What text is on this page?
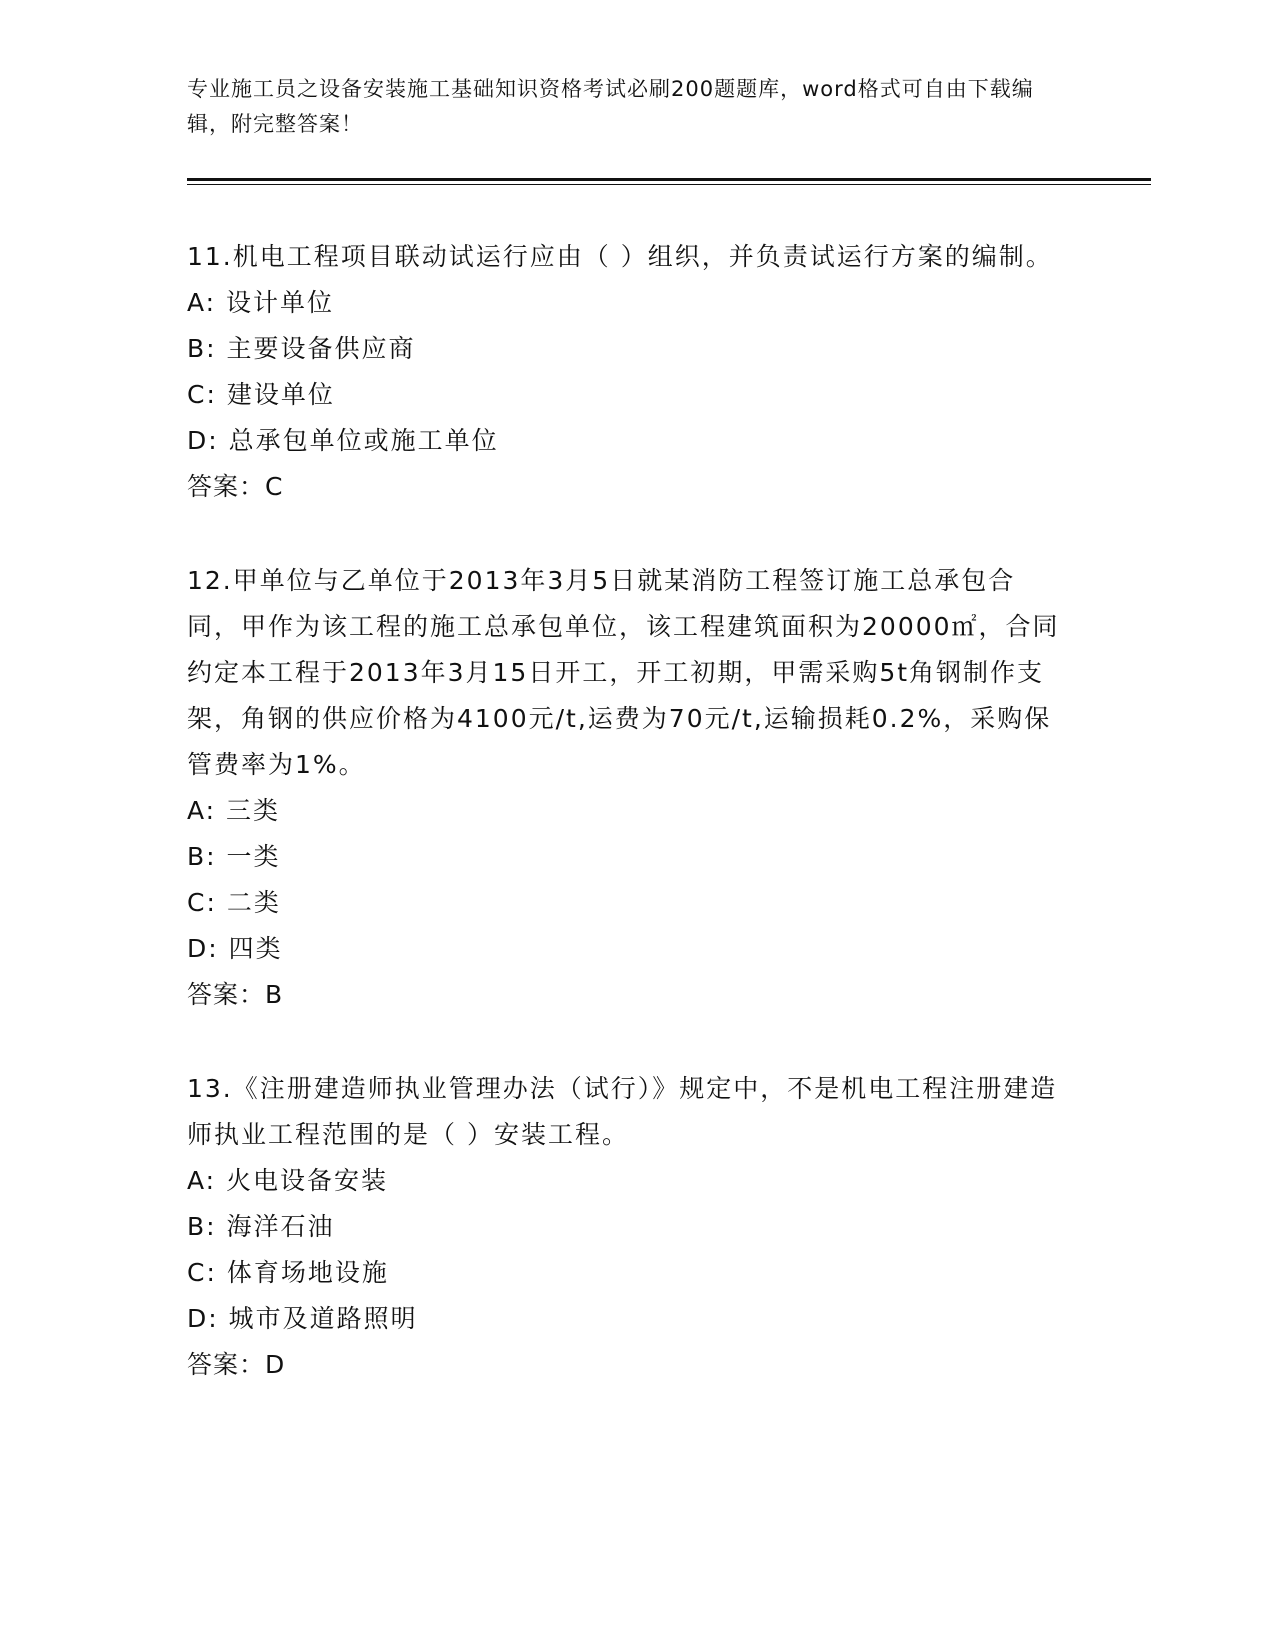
专业施工员之设备安装施工基础知识资格考试必刷200题题库，word格式可自由下载编辑，附完整答案！
11.机电工程项目联动试运行应由（ ）组织，并负责试运行方案的编制。
A: 设计单位
B: 主要设备供应商
C: 建设单位
D: 总承包单位或施工单位
答案：C
12.甲单位与乙单位于2013年3月5日就某消防工程签订施工总承包合同，甲作为该工程的施工总承包单位，该工程建筑面积为20000㎡，合同约定本工程于2013年3月15日开工，开工初期，甲需采购5t角钢制作支架，角钢的供应价格为4100元/t,运费为70元/t,运输损耗0.2%，采购保管费率为1%。
A: 三类
B: 一类
C: 二类
D: 四类
答案：B
13.《注册建造师执业管理办法（试行）》规定中，不是机电工程注册建造师执业工程范围的是（ ）安装工程。
A: 火电设备安装
B: 海洋石油
C: 体育场地设施
D: 城市及道路照明
答案：D
